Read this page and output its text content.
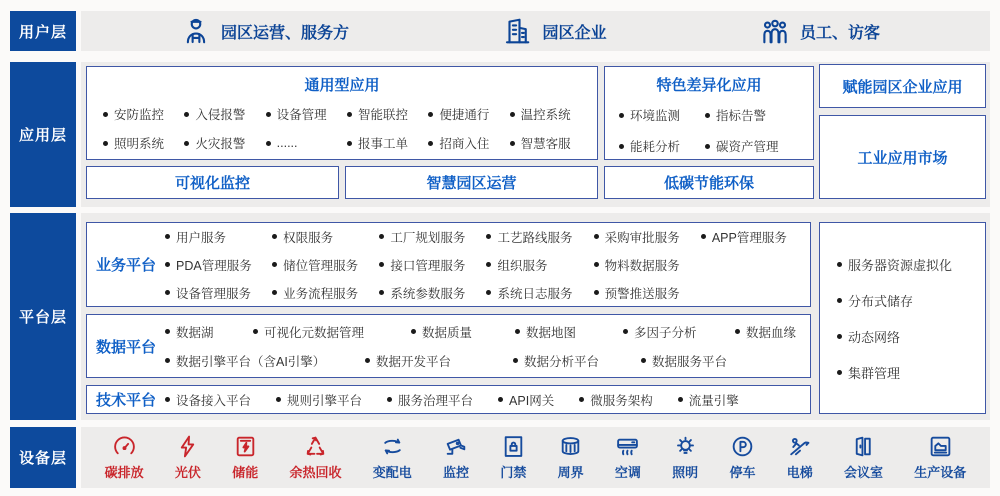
用户层	园区运营、服务方	园区企业	员工、访客
应用层
通用型应用
安防监控	入侵报警	设备管理	智能联控	便捷通行	温控系统
照明系统	火灾报警	......	报事工单	招商入住	智慧客服
特色差异化应用
环境监测	指标告警
能耗分析	碳资产管理
可视化监控	智慧园区运营	低碳节能环保
赋能园区企业应用
工业应用市场
平台层
业务平台
用户服务	权限服务	工厂规划服务	工艺路线服务	采购审批服务	APP管理服务
PDA管理服务	储位管理服务	接口管理服务	组织服务	物料数据服务
设备管理服务	业务流程服务	系统参数服务	系统日志服务	预警推送服务
数据平台
数据湖	可视化元数据管理	数据质量	数据地图	多因子分析	数据血缘
数据引擎平台（含AI引擎）	数据开发平台	数据分析平台	数据服务平台
技术平台	设备接入平台	规则引擎平台	服务治理平台	API网关	微服务架构	流量引擎
服务器资源虚拟化
分布式储存
动态网络
集群管理
设备层
碳排放 光伏 储能 余热回收 变配电 监控 门禁 周界 空调 照明 停车 电梯 会议室 生产设备
